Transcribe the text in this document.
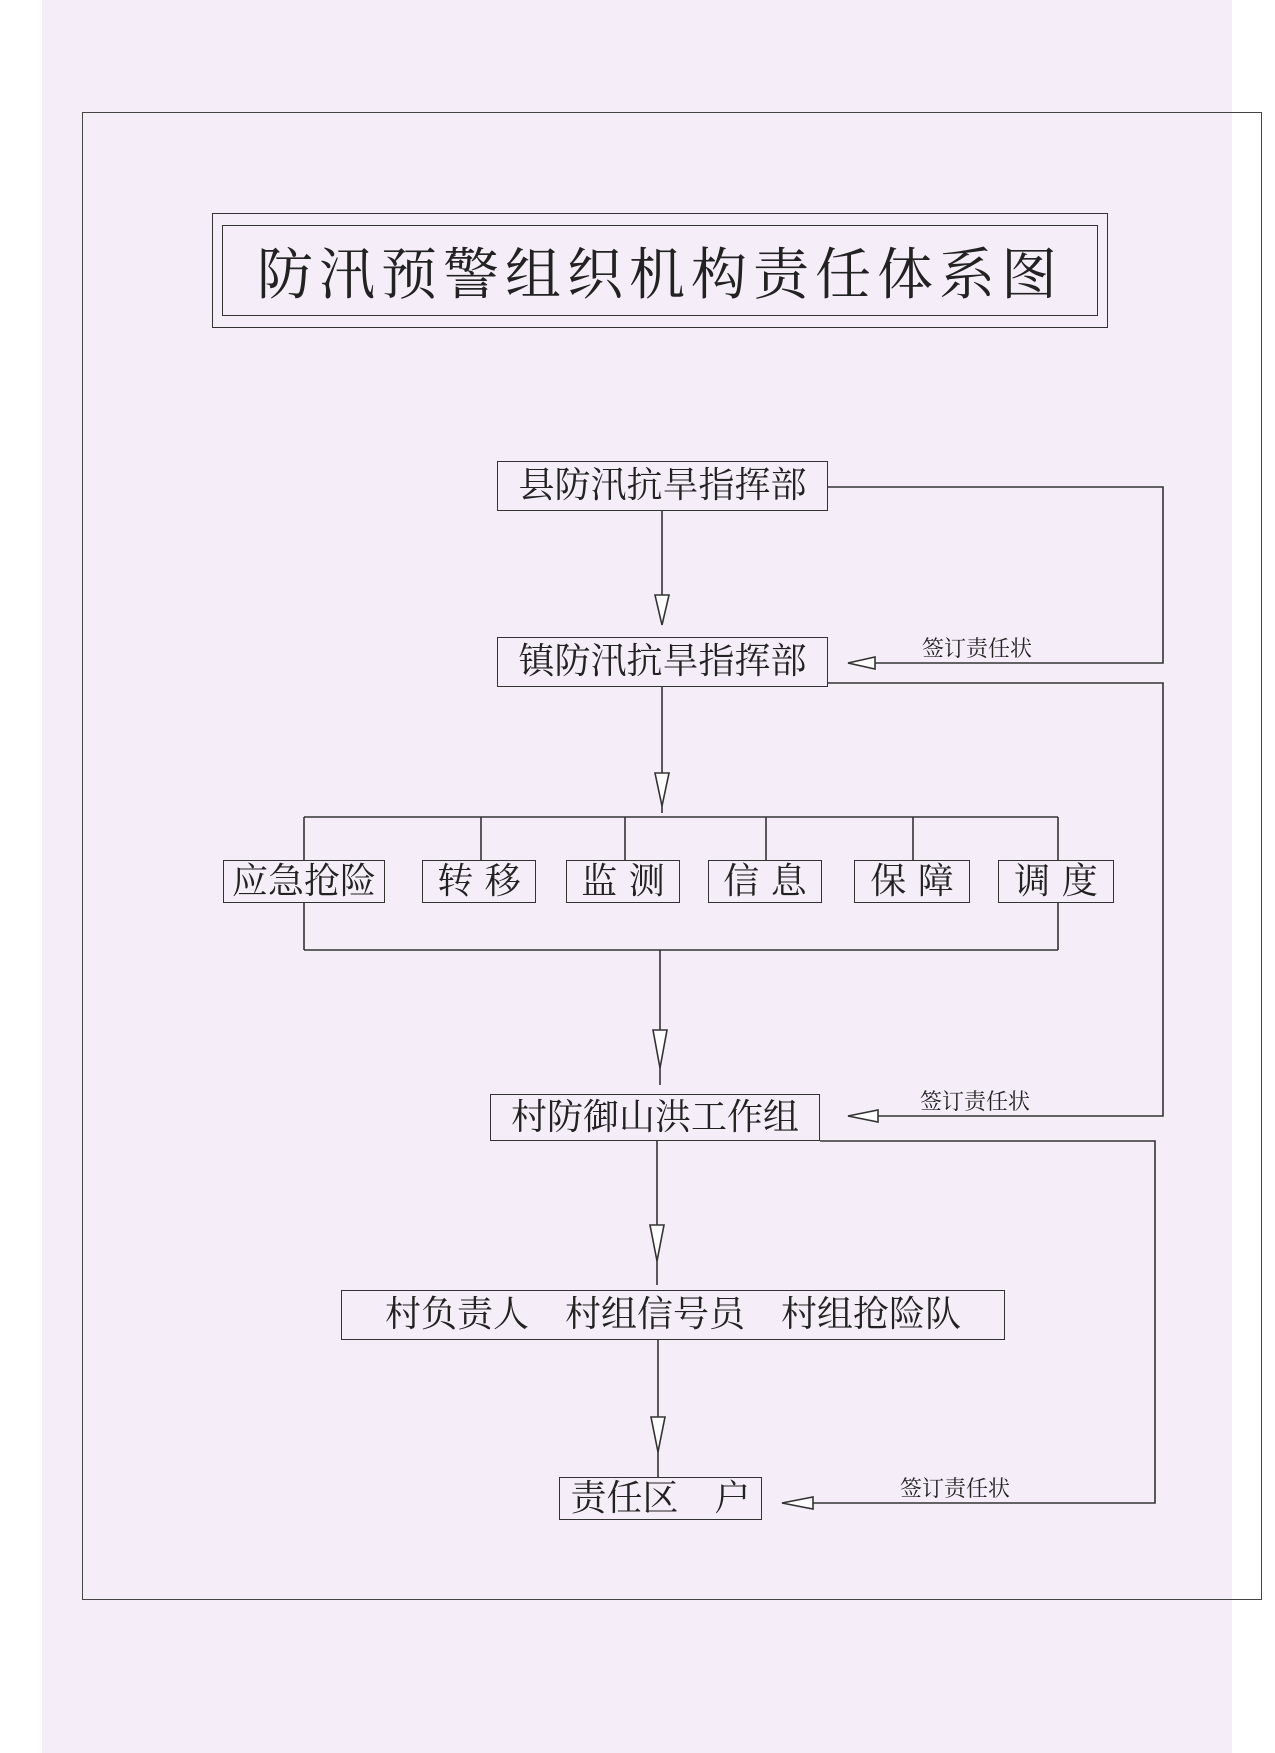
防汛预警组织机构责任体系图
县防汛抗旱指挥部
镇防汛抗旱指挥部
应急抢险	转 移	监 测	信 息	保 障	调 度
村防御山洪工作组
村负责人　村组信号员　村组抢险队
责任区　户
签订责任状
签订责任状
签订责任状
